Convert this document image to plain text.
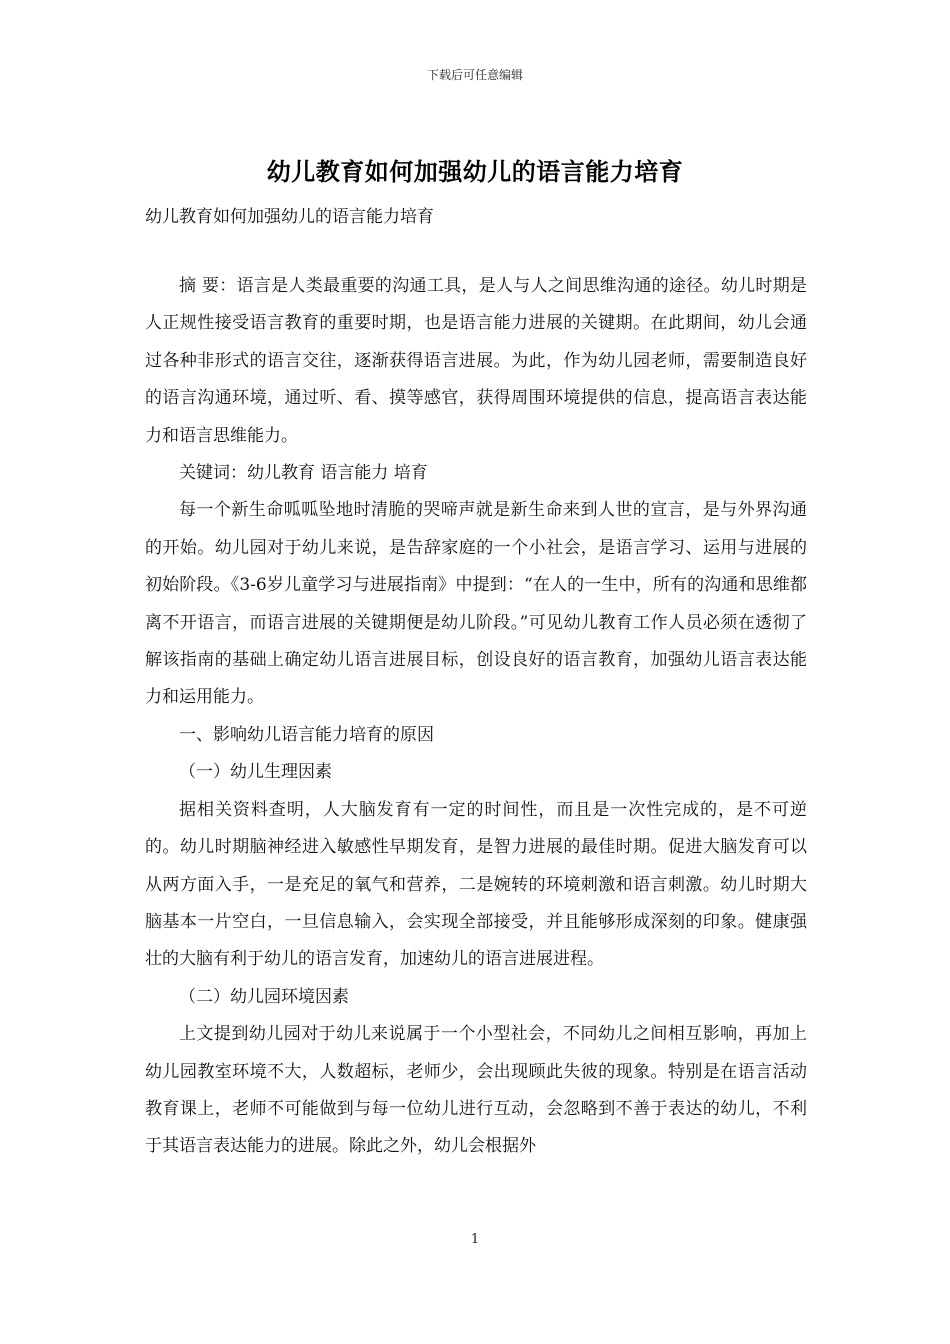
下载后可任意编辑
幼儿教育如何加强幼儿的语言能力培育
幼儿教育如何加强幼儿的语言能力培育

摘 要：语言是人类最重要的沟通工具，是人与人之间思维沟通的途径。幼儿时期是人正规性接受语言教育的重要时期，也是语言能力进展的关键期。在此期间，幼儿会通过各种非形式的语言交往，逐渐获得语言进展。为此，作为幼儿园老师，需要制造良好的语言沟通环境，通过听、看、摸等感官，获得周围环境提供的信息，提高语言表达能力和语言思维能力。

关键词：幼儿教育 语言能力 培育

每一个新生命呱呱坠地时清脆的哭啼声就是新生命来到人世的宣言，是与外界沟通的开始。幼儿园对于幼儿来说，是告辞家庭的一个小社会，是语言学习、运用与进展的初始阶段。《3-6岁儿童学习与进展指南》中提到：“在人的一生中，所有的沟通和思维都离不开语言，而语言进展的关键期便是幼儿阶段。”可见幼儿教育工作人员必须在透彻了解该指南的基础上确定幼儿语言进展目标，创设良好的语言教育，加强幼儿语言表达能力和运用能力。

一、影响幼儿语言能力培育的原因

（一）幼儿生理因素

据相关资料查明，人大脑发育有一定的时间性，而且是一次性完成的，是不可逆的。幼儿时期脑神经进入敏感性早期发育，是智力进展的最佳时期。促进大脑发育可以从两方面入手，一是充足的氧气和营养，二是婉转的环境刺激和语言刺激。幼儿时期大脑基本一片空白，一旦信息输入，会实现全部接受，并且能够形成深刻的印象。健康强壮的大脑有利于幼儿的语言发育，加速幼儿的语言进展进程。

（二）幼儿园环境因素

上文提到幼儿园对于幼儿来说属于一个小型社会，不同幼儿之间相互影响，再加上幼儿园教室环境不大，人数超标，老师少，会出现顾此失彼的现象。特别是在语言活动教育课上，老师不可能做到与每一位幼儿进行互动，会忽略到不善于表达的幼儿，不利于其语言表达能力的进展。除此之外，幼儿会根据外

1
